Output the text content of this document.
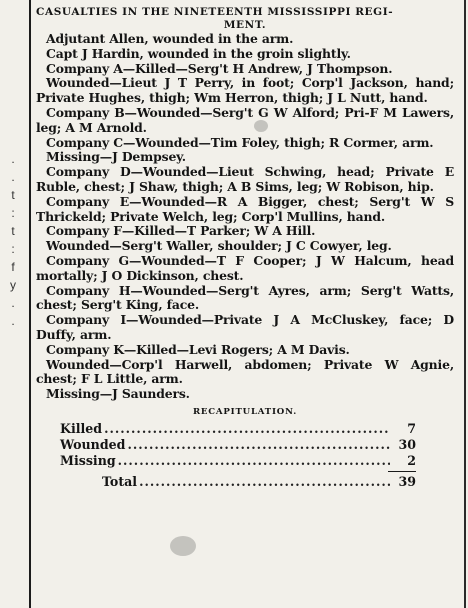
.
.
t
:
t
:
f
y
.
.
CASUALTIES IN THE NINETEENTH MISSISSIPPI REGI-
MENT.

Adjutant Allen, wounded in the arm.

Capt J Hardin, wounded in the groin slightly.

Company A—Killed—Serg't H Andrew, J Thompson.

Wounded—Lieut J T Perry, in foot; Corp'l Jackson, hand; Private Hughes, thigh; Wm Herron, thigh; J L Nutt, hand.

Company B—Wounded—Serg't G W Alford; Pri-F M Lawers, leg; A M Arnold.

Company C—Wounded—Tim Foley, thigh; R Cormer, arm.

Missing—J Dempsey.

Company D—Wounded—Lieut Schwing, head; Private E Ruble, chest; J Shaw, thigh; A B Sims, leg; W Robison, hip.

Company E—Wounded—R A Bigger, chest; Serg't W S Thrickeld; Private Welch, leg; Corp'l Mullins, hand.

Company F—Killed—T Parker; W A Hill.

Wounded—Serg't Waller, shoulder; J C Cowyer, leg.

Company G—Wounded—T F Cooper; J W Halcum, head mortally; J O Dickinson, chest.

Company H—Wounded—Serg't Ayres, arm; Serg't Watts, chest; Serg't King, face.

Company I—Wounded—Private J A McCluskey, face; D Duffy, arm.

Company K—Killed—Levi Rogers; A M Davis.

Wounded—Corp'l Harwell, abdomen; Private W Agnie, chest; F L Little, arm.

Missing—J Saunders.

RECAPITULATION.
Killed .....	7
Wounded .....	30
Missing .....	2
Total .....	39
